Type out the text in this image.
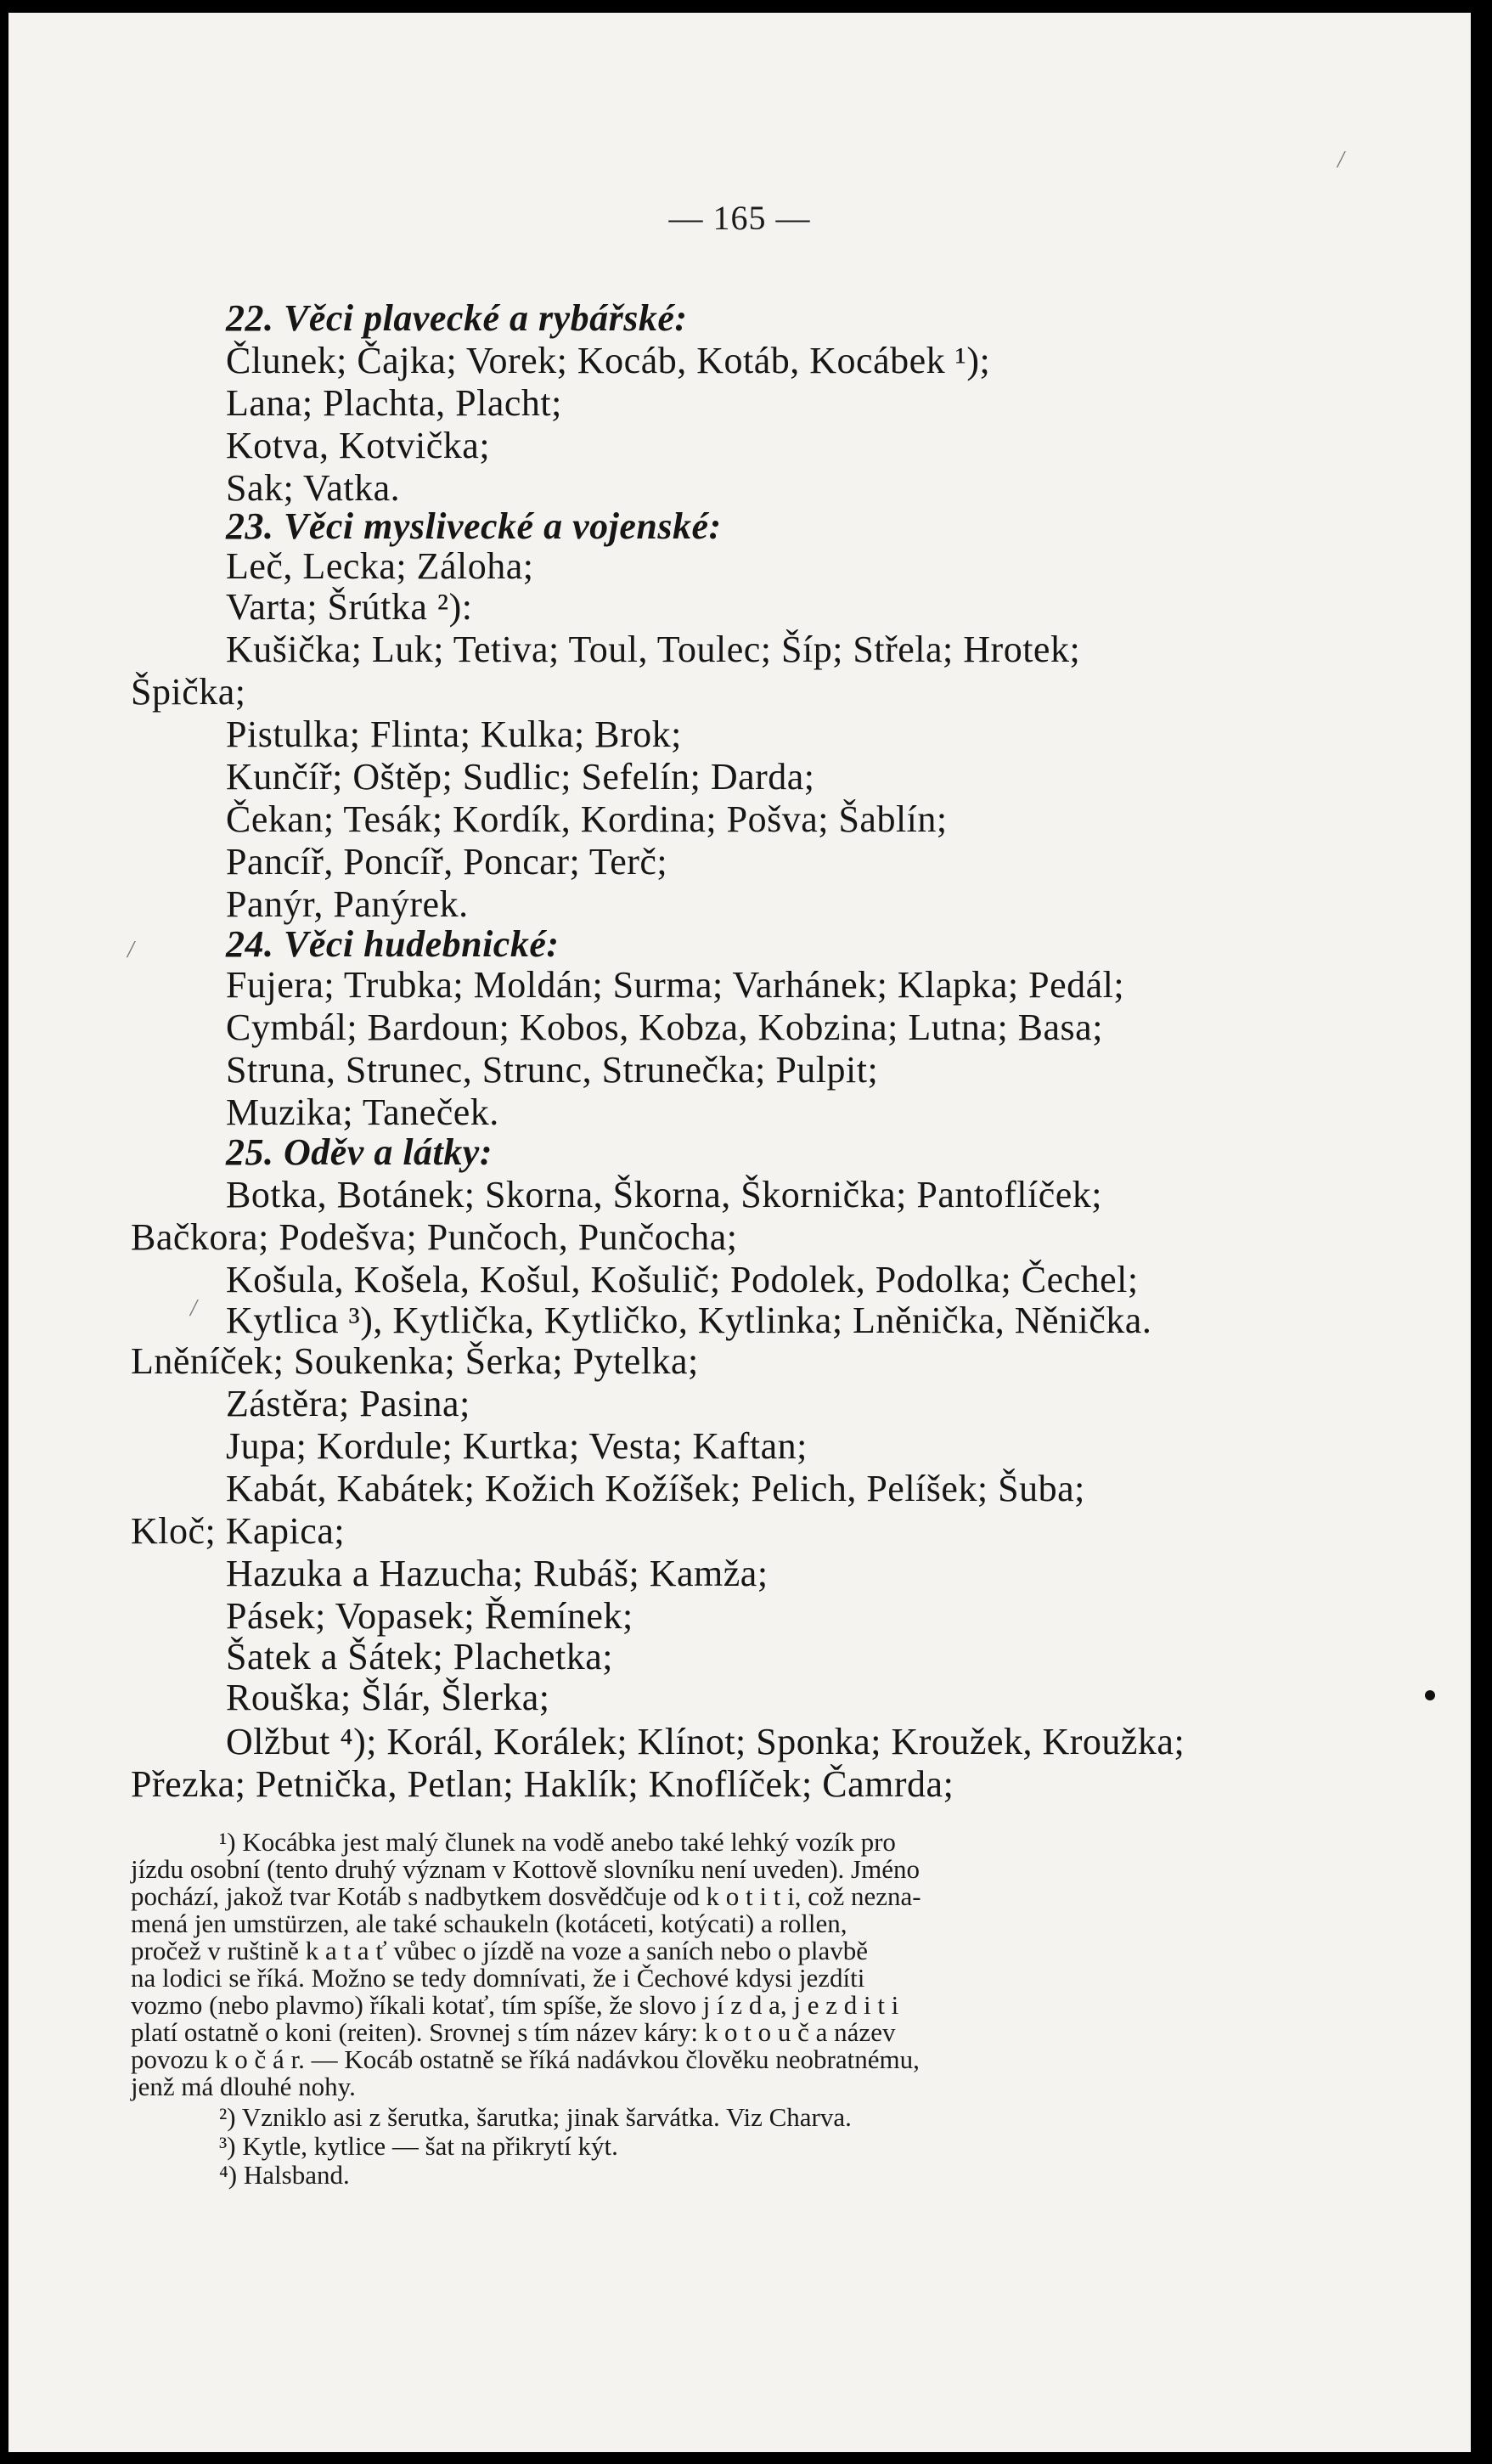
/
— 165 —
22. Věci plavecké a rybářské:
Člunek; Čajka; Vorek; Kocáb, Kotáb, Kocábek ¹);
Lana; Plachta, Placht;
Kotva, Kotvička;
Sak; Vatka.
23. Věci myslivecké a vojenské:
Leč, Lecka; Záloha;
Varta; Šrútka ²):
Kušička; Luk; Tetiva; Toul, Toulec; Šíp; Střela; Hrotek;
Špička;
Pistulka; Flinta; Kulka; Brok;
Kunčíř; Oštěp; Sudlic; Sefelín; Darda;
Čekan; Tesák; Kordík, Kordina; Pošva; Šablín;
Pancíř, Poncíř, Poncar; Terč;
Panýr, Panýrek.
24. Věci hudebnické:
/
Fujera; Trubka; Moldán; Surma; Varhánek; Klapka; Pedál;
Cymbál; Bardoun; Kobos, Kobza, Kobzina; Lutna; Basa;
Struna, Strunec, Strunc, Strunečka; Pulpit;
Muzika; Taneček.
25. Oděv a látky:
Botka, Botánek; Skorna, Škorna, Škornička; Pantoflíček;
Bačkora; Podešva; Punčoch, Punčocha;
Košula, Košela, Košul, Košulič; Podolek, Podolka; Čechel;
/ Kytlica ³), Kytlička, Kytličko, Kytlinka; Lněnička, Něnička.
Lněníček; Soukenka; Šerka; Pytelka;
Zástěra; Pasina;
Jupa; Kordule; Kurtka; Vesta; Kaftan;
Kabát, Kabátek; Kožich Kožíšek; Pelich, Pelíšek; Šuba;
Kloč; Kapica;
Hazuka a Hazucha; Rubáš; Kamža;
Pásek; Vopasek; Řemínek;
Šatek a Šátek; Plachetka;
Rouška; Šlár, Šlerka;
Olžbut ⁴); Korál, Korálek; Klínot; Sponka; Kroužek, Kroužka;
Přezka; Petnička, Petlan; Haklík; Knoflíček; Čamrda;
¹) Kocábka jest malý člunek na vodě anebo také lehký vozík pro
jízdu osobní (tento druhý význam v Kottově slovníku není uveden). Jméno
pochází, jakož tvar Kotáb s nadbytkem dosvědčuje od k o t i t i, což nezna-
mená jen umstürzen, ale také schaukeln (kotáceti, kotýcati) a rollen,
pročež v ruštině k a t a ť vůbec o jízdě na voze a saních nebo o plavbě
na lodici se říká. Možno se tedy domnívati, že i Čechové kdysi jezdíti
vozmo (nebo plavmo) říkali kotať, tím spíše, že slovo j í z d a, j e z d i t i
platí ostatně o koni (reiten). Srovnej s tím název káry: k o t o u č a název
povozu k o č á r. — Kocáb ostatně se říká nadávkou člověku neobratnému,
jenž má dlouhé nohy.
²) Vzniklo asi z šerutka, šarutka; jinak šarvátka. Viz Charva.
³) Kytle, kytlice — šat na přikrytí kýt.
⁴) Halsband.
